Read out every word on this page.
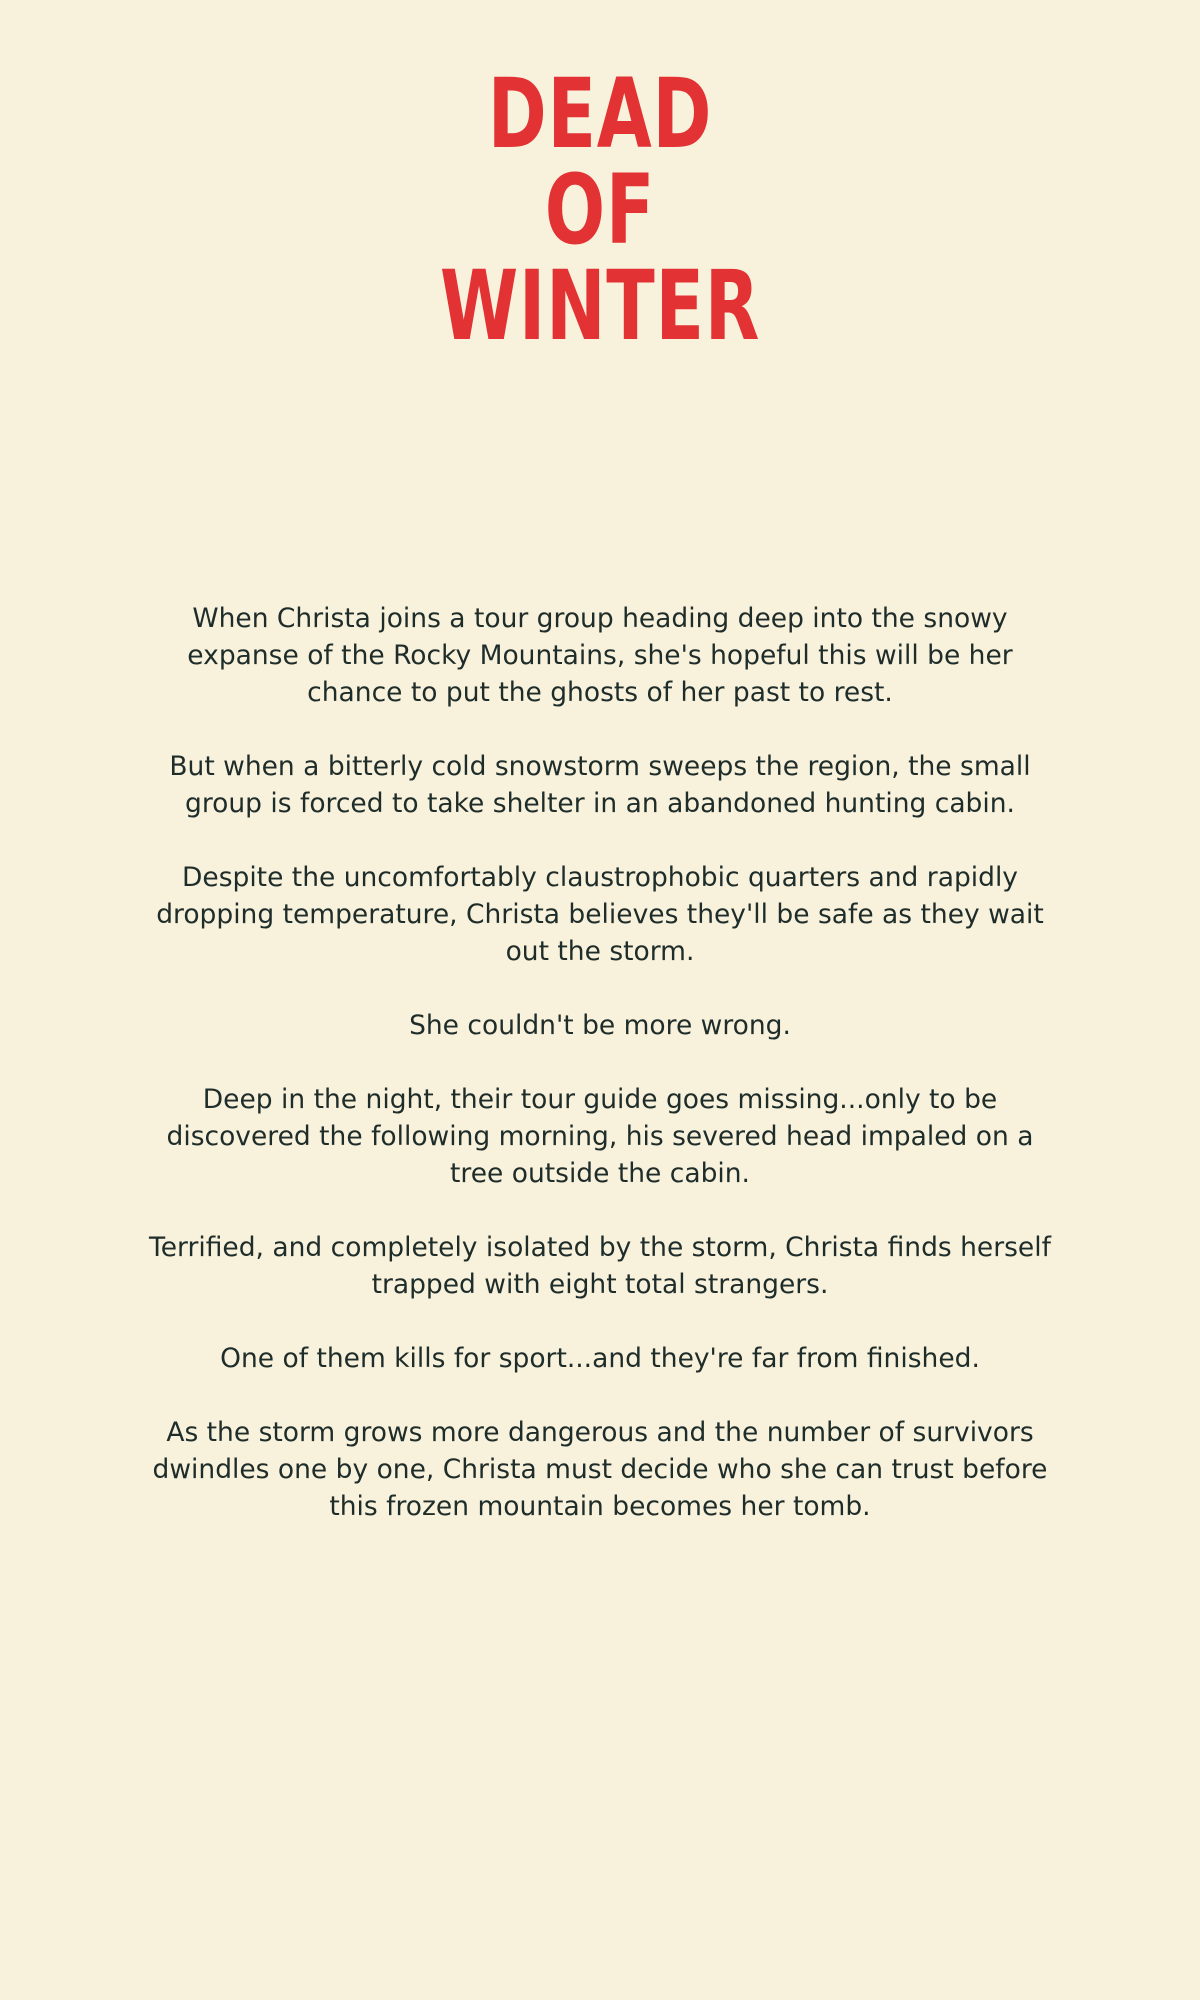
DEAD
OF
WINTER

When Christa joins a tour group heading deep into the snowy expanse of the Rocky Mountains, she's hopeful this will be her chance to put the ghosts of her past to rest.

But when a bitterly cold snowstorm sweeps the region, the small group is forced to take shelter in an abandoned hunting cabin.

Despite the uncomfortably claustrophobic quarters and rapidly dropping temperature, Christa believes they'll be safe as they wait out the storm.

She couldn't be more wrong.

Deep in the night, their tour guide goes missing...only to be discovered the following morning, his severed head impaled on a tree outside the cabin.

Terrified, and completely isolated by the storm, Christa finds herself trapped with eight total strangers.

One of them kills for sport...and they're far from finished.

As the storm grows more dangerous and the number of survivors dwindles one by one, Christa must decide who she can trust before this frozen mountain becomes her tomb.
